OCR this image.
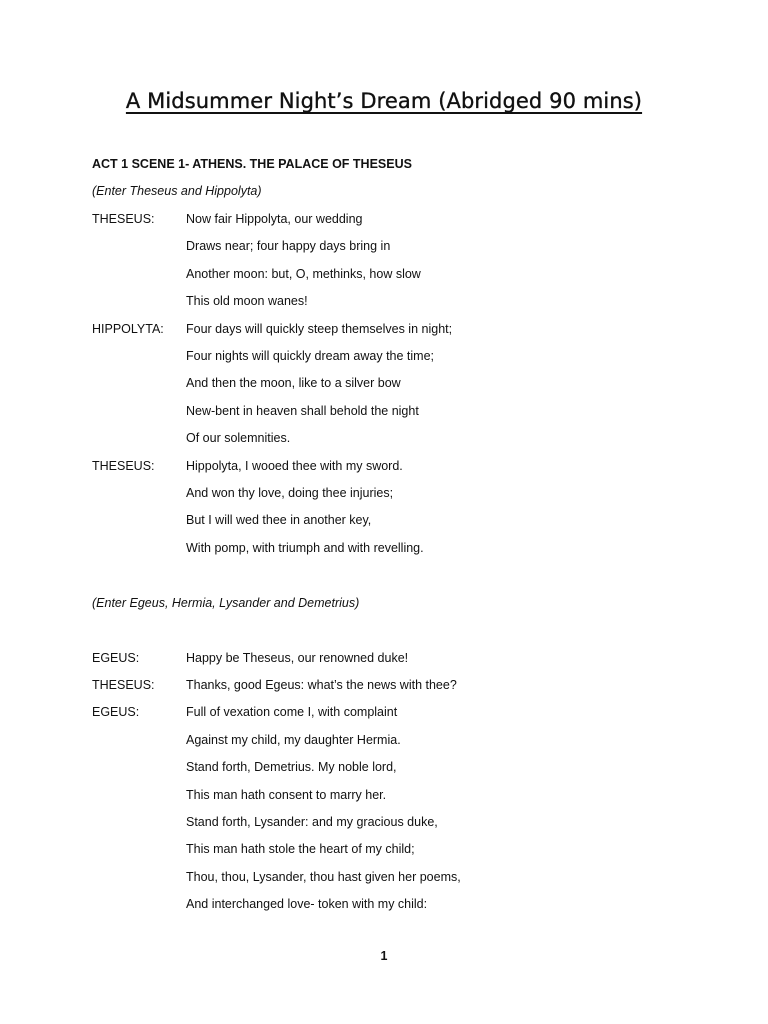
A Midsummer Night’s Dream (Abridged 90 mins)
ACT 1 SCENE 1- ATHENS. THE PALACE OF THESEUS
(Enter Theseus and Hippolyta)
THESEUS:	Now fair Hippolyta, our wedding
Draws near; four happy days bring in
Another moon: but, O, methinks, how slow
This old moon wanes!
HIPPOLYTA:	Four days will quickly steep themselves in night;
Four nights will quickly dream away the time;
And then the moon, like to a silver bow
New-bent in heaven shall behold the night
Of our solemnities.
THESEUS:	Hippolyta, I wooed thee with my sword.
And won thy love, doing thee injuries;
But I will wed thee in another key,
With pomp, with triumph and with revelling.
(Enter Egeus, Hermia, Lysander and Demetrius)
EGEUS:	Happy be Theseus, our renowned duke!
THESEUS:	Thanks, good Egeus: what’s the news with thee?
EGEUS:	Full of vexation come I, with complaint
Against my child, my daughter Hermia.
Stand forth, Demetrius. My noble lord,
This man hath consent to marry her.
Stand forth, Lysander: and my gracious duke,
This man hath stole the heart of my child;
Thou, thou, Lysander, thou hast given her poems,
And interchanged love- token with my child:
1
